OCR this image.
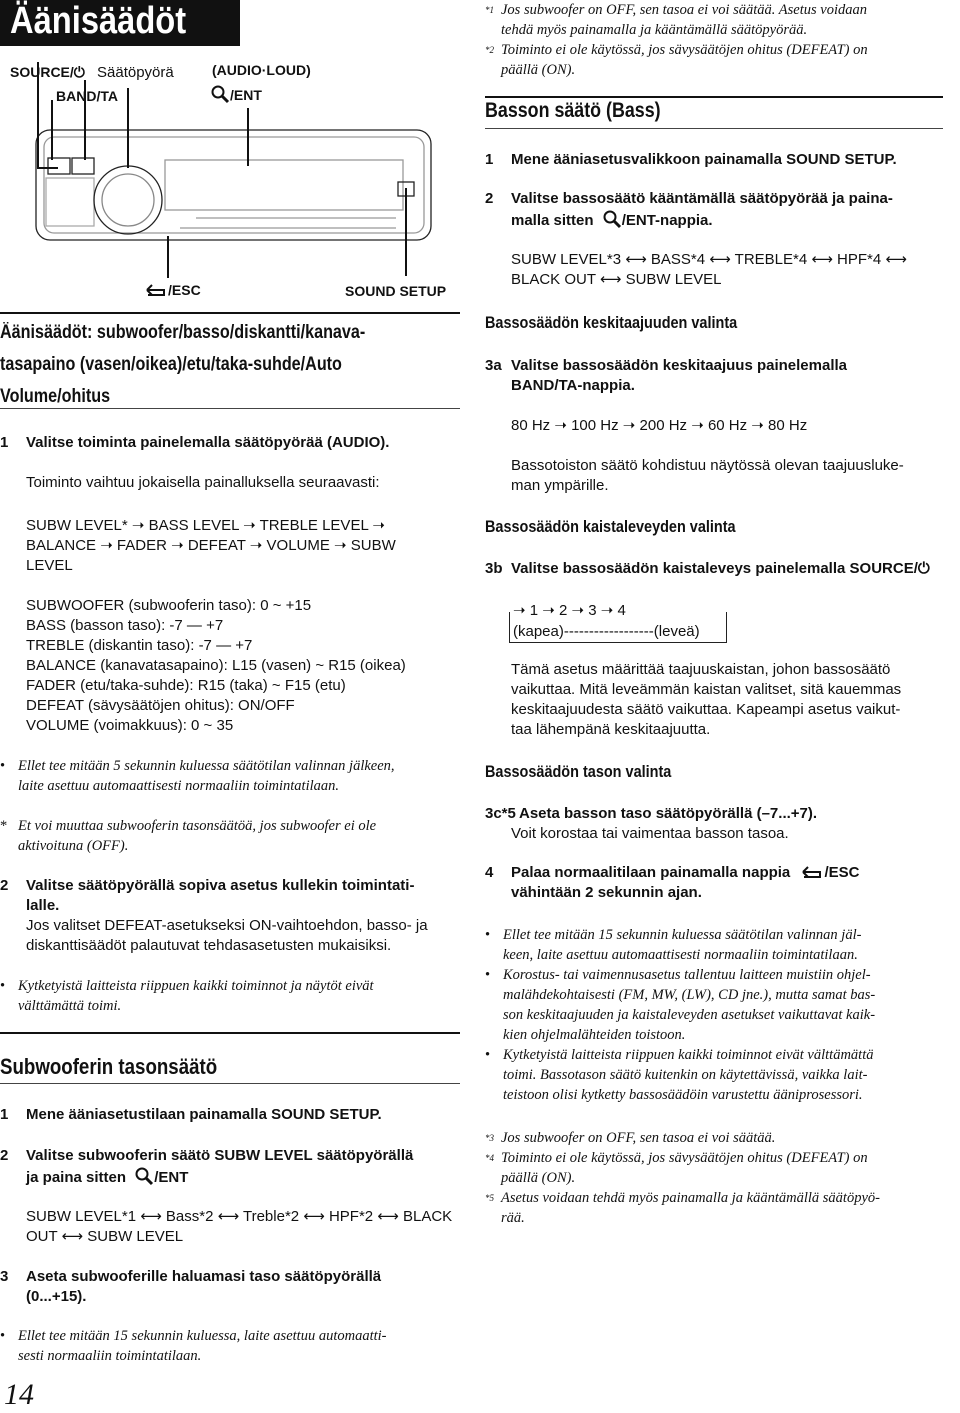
Äänisäädöt
SOURCE/⏻ Säätöpyörä	(AUDIO·LOUD)
BAND/TA	/ENT
/ESC	SOUND SETUP
Äänisäädöt: subwoofer/basso/diskantti/kanava-
tasapaino (vasen/oikea)/etu/taka-suhde/Auto
Volume/ohitus
1	Valitse toiminta painelemalla säätöpyörää (AUDIO).
Toiminto vaihtuu jokaisella painalluksella seuraavasti:
SUBW LEVEL* ➝ BASS LEVEL ➝ TREBLE LEVEL ➝
BALANCE ➝ FADER ➝ DEFEAT ➝ VOLUME ➝ SUBW
LEVEL
SUBWOOFER (subwooferin taso): 0 ~ +15
BASS (basson taso): -7 — +7
TREBLE (diskantin taso): -7 — +7
BALANCE (kanavatasapaino): L15 (vasen) ~ R15 (oikea)
FADER (etu/taka-suhde): R15 (taka) ~ F15 (etu)
DEFEAT (sävysäätöjen ohitus): ON/OFF
VOLUME (voimakkuus): 0 ~ 35
• Ellet tee mitään 5 sekunnin kuluessa säätötilan valinnan jälkeen,
laite asettuu automaattisesti normaaliin toimintatilaan.
* Et voi muuttaa subwooferin tasonsäätöä, jos subwoofer ei ole
aktivoituna (OFF).
2	Valitse säätöpyörällä sopiva asetus kullekin toimintati-
lalle.
Jos valitset DEFEAT-asetukseksi ON-vaihtoehdon, basso- ja
diskanttisäädöt palautuvat tehdasasetusten mukaisiksi.
• Kytketyistä laitteista riippuen kaikki toiminnot ja näytöt eivät
välttämättä toimi.
Subwooferin tasonsäätö
1	Mene ääniasetustilaan painamalla SOUND SETUP.
2	Valitse subwooferin säätö SUBW LEVEL säätöpyörällä
ja paina sitten /ENT
SUBW LEVEL*1 ⟷ Bass*2 ⟷ Treble*2 ⟷ HPF*2 ⟷ BLACK
OUT ⟷ SUBW LEVEL
3	Aseta subwooferille haluamasi taso säätöpyörällä
(0...+15).
• Ellet tee mitään 15 sekunnin kuluessa, laite asettuu automaatti-
sesti normaaliin toimintatilaan.
14
*1 Jos subwoofer on OFF, sen tasoa ei voi säätää. Asetus voidaan
tehdä myös painamalla ja kääntämällä säätöpyörää.
*2 Toiminto ei ole käytössä, jos sävysäätöjen ohitus (DEFEAT) on
päällä (ON).
Basson säätö (Bass)
1	Mene ääniasetusvalikkoon painamalla SOUND SETUP.
2	Valitse bassosäätö kääntämällä säätöpyörää ja paina-
malla sitten /ENT-nappia.
SUBW LEVEL*3 ⟷ BASS*4 ⟷ TREBLE*4 ⟷ HPF*4 ⟷
BLACK OUT ⟷ SUBW LEVEL
Bassosäädön keskitaajuuden valinta
3a Valitse bassosäädön keskitaajuus painelemalla
BAND/TA-nappia.
80 Hz ➝ 100 Hz ➝ 200 Hz ➝ 60 Hz ➝ 80 Hz
Bassotoiston säätö kohdistuu näytössä olevan taajuusluke-
man ympärille.
Bassosäädön kaistaleveyden valinta
3b Valitse bassosäädön kaistaleveys painelemalla SOURCE/⏻
➝ 1 ➝ 2 ➝ 3 ➝ 4
(kapea)------------------(leveä)
Tämä asetus määrittää taajuuskaistan, johon bassosäätö
vaikuttaa. Mitä leveämmän kaistan valitset, sitä kauemmas
keskitaajuudesta säätö vaikuttaa. Kapeampi asetus vaikut-
taa lähempänä keskitaajuutta.
Bassosäädön tason valinta
3c*5 Aseta basson taso säätöpyörällä (–7...+7).
Voit korostaa tai vaimentaa basson tasoa.
4	Palaa normaalitilaan painamalla nappia /ESC
vähintään 2 sekunnin ajan.
• Ellet tee mitään 15 sekunnin kuluessa säätötilan valinnan jäl-
keen, laite asettuu automaattisesti normaaliin toimintatilaan.
• Korostus- tai vaimennusasetus tallentuu laitteen muistiin ohjel-
malähdekohtaisesti (FM, MW, (LW), CD jne.), mutta samat bas-
son keskitaajuuden ja kaistaleveyden asetukset vaikuttavat kaik-
kien ohjelmalähteiden toistoon.
• Kytketyistä laitteista riippuen kaikki toiminnot eivät välttämättä
toimi. Bassotason säätö kuitenkin on käytettävissä, vaikka lait-
teistoon olisi kytketty bassosäädöin varustettu ääniprosessori.
*3 Jos subwoofer on OFF, sen tasoa ei voi säätää.
*4 Toiminto ei ole käytössä, jos sävysäätöjen ohitus (DEFEAT) on
päällä (ON).
*5 Asetus voidaan tehdä myös painamalla ja kääntämällä säätöpyö-
rää.
